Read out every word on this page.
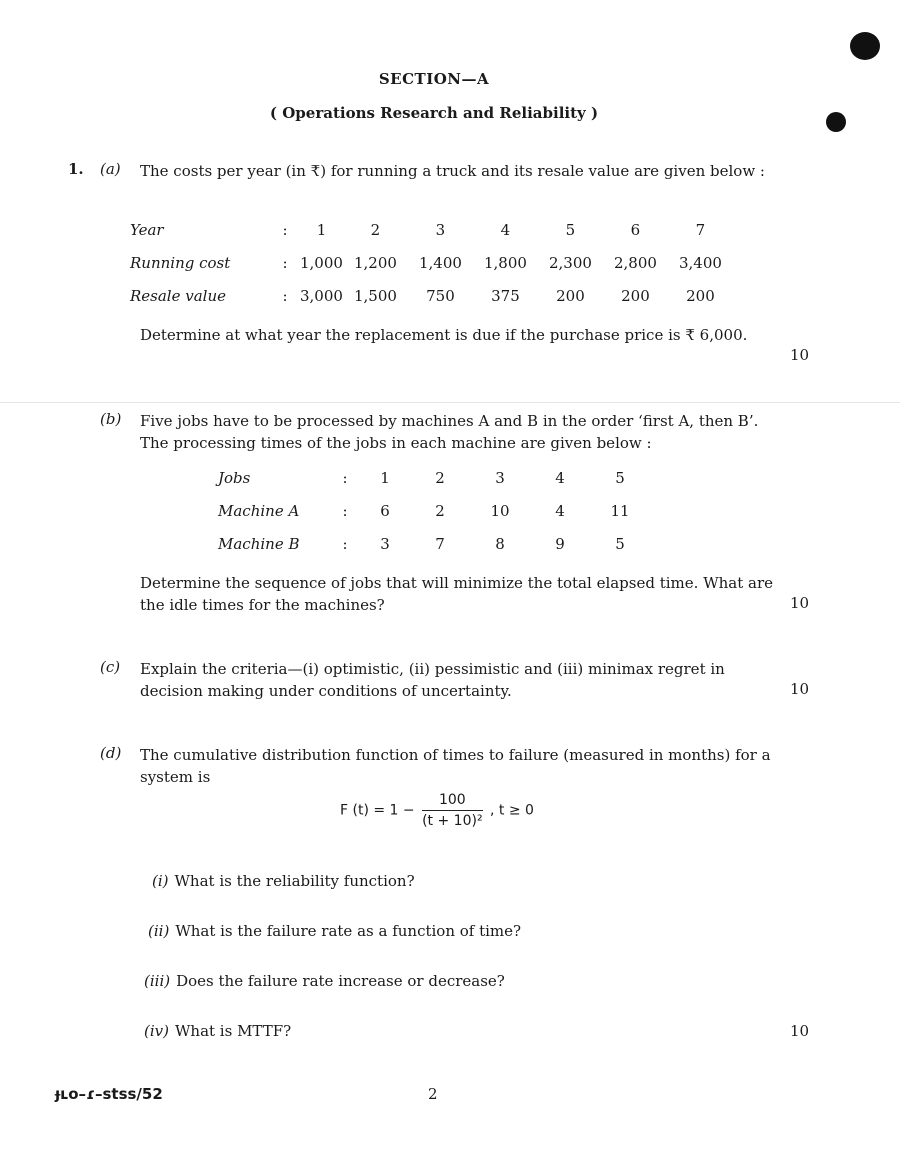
SECTION—A
( Operations Research and Reliability )
1. (a) The costs per year (in ₹) for running a truck and its resale value are given below :
Year	:	1	2	3	4	5	6	7
Running cost	:	1,000	1,200	1,400	1,800	2,300	2,800	3,400
Resale value	:	3,000	1,500	750	375	200	200	200
Determine at what year the replacement is due if the purchase price is ₹ 6,000.
10
(b) Five jobs have to be processed by machines A and B in the order ‘first A, then B’. The processing times of the jobs in each machine are given below :
Jobs	:	1	2	3	4	5
Machine A	:	6	2	10	4	11
Machine B	:	3	7	8	9	5
Determine the sequence of jobs that will minimize the total elapsed time. What are the idle times for the machines?	10
(c) Explain the criteria—(i) optimistic, (ii) pessimistic and (iii) minimax regret in decision making under conditions of uncertainty.	10
(d) The cumulative distribution function of times to failure (measured in months) for a system is
F $(t) = 1 - \frac{100}{\text{(t + 10)²}}$ , t ≥ 0
(i) What is the reliability function?
(ii) What is the failure rate as a function of time?
(iii) Does the failure rate increase or decrease?
(iv) What is MTTF?	10
ɟʟo–ɾ–stss/52	2
